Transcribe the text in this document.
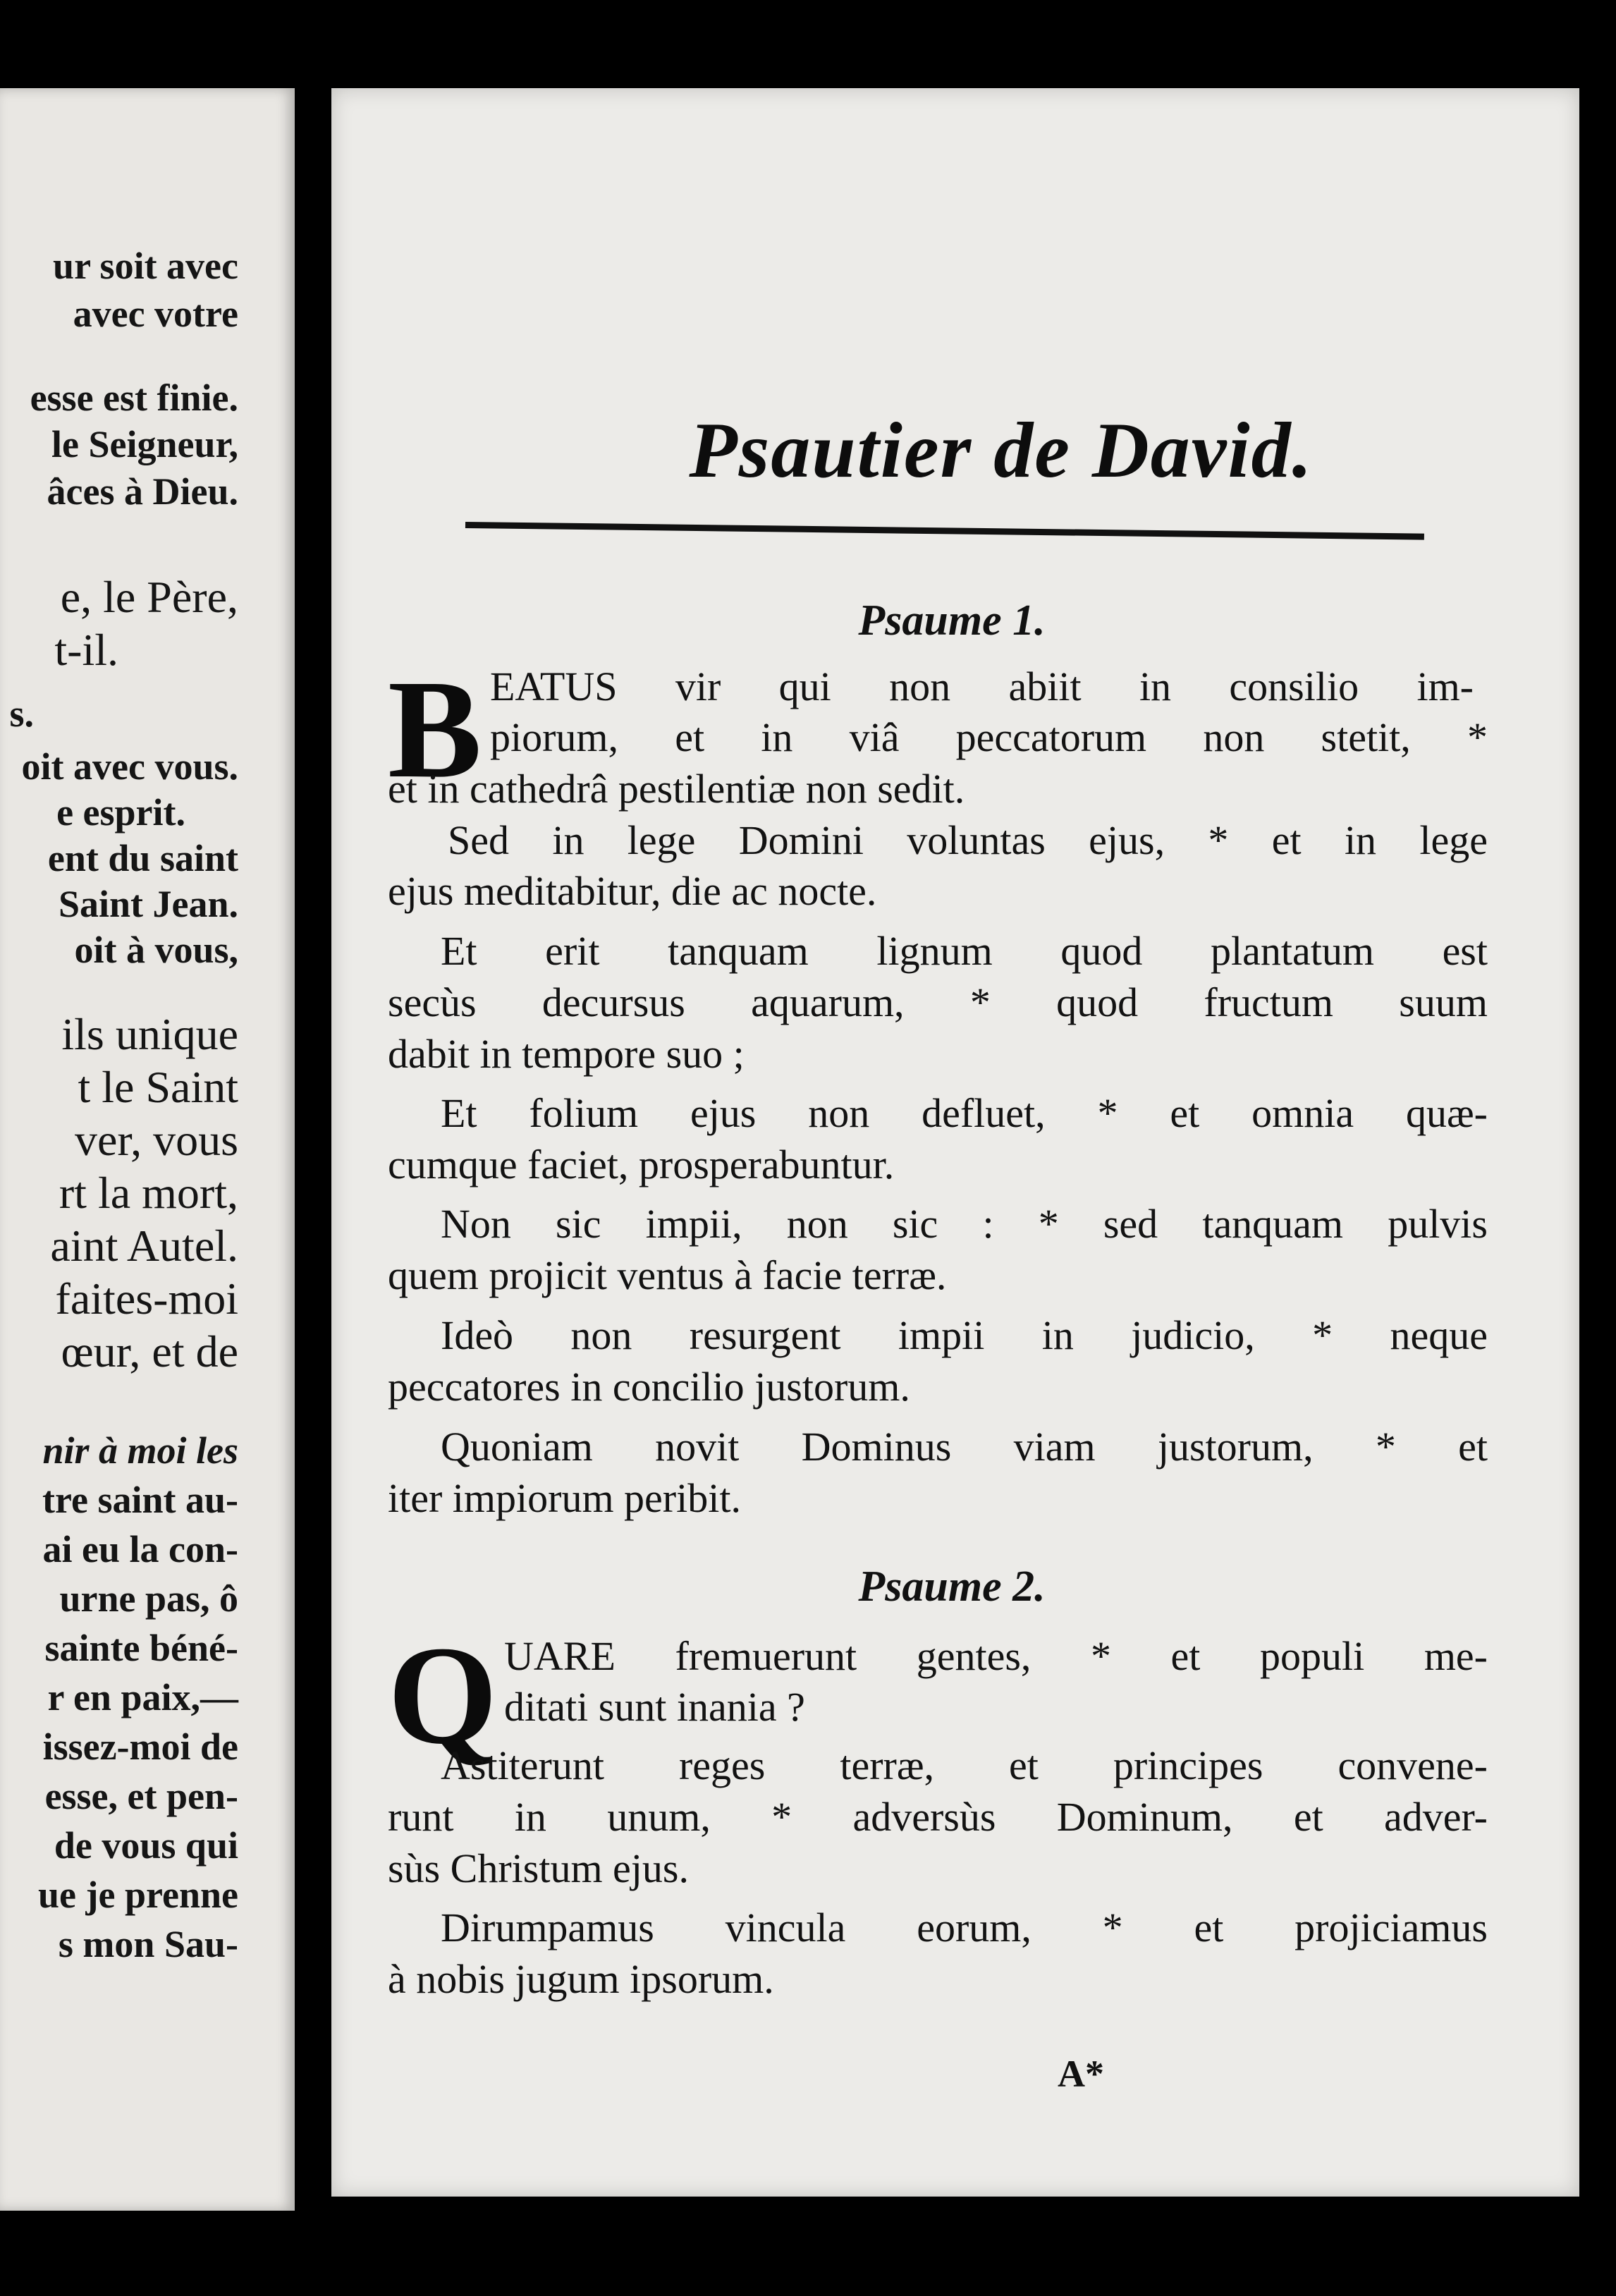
ur soit avec
avec votre
esse est finie.
le Seigneur,
âces à Dieu.
e, le Père,
t-il.
s.
oit avec vous.
e esprit.
ent du saint
Saint Jean.
oit à vous,
ils unique
t le Saint
ver, vous
rt la mort,
aint Autel.
faites-moi
œur, et de
nir à moi les
tre saint au-
ai eu la con-
urne pas, ô
sainte béné-
r en paix,—
issez-moi de
esse, et pen-
de vous qui
ue je prenne
s mon Sau-
Psautier de David.
Psaume 1.
B EATUS vir qui non abiit in consilio im-
piorum, et in viâ peccatorum non stetit, *
et in cathedrâ pestilentiæ non sedit.
Sed in lege Domini voluntas ejus, * et in lege
ejus meditabitur, die ac nocte.
Et erit tanquam lignum quod plantatum est
secùs decursus aquarum, * quod fructum suum
dabit in tempore suo ;
Et folium ejus non defluet, * et omnia quæ-
cumque faciet, prosperabuntur.
Non sic impii, non sic : * sed tanquam pulvis
quem projicit ventus à facie terræ.
Ideò non resurgent impii in judicio, * neque
peccatores in concilio justorum.
Quoniam novit Dominus viam justorum, * et
iter impiorum peribit.
Psaume 2.
Q UARE fremuerunt gentes, * et populi me-
ditati sunt inania ?
Astiterunt reges terræ, et principes convene-
runt in unum, * adversùs Dominum, et adver-
sùs Christum ejus.
Dirumpamus vincula eorum, * et projiciamus
à nobis jugum ipsorum.
A*
